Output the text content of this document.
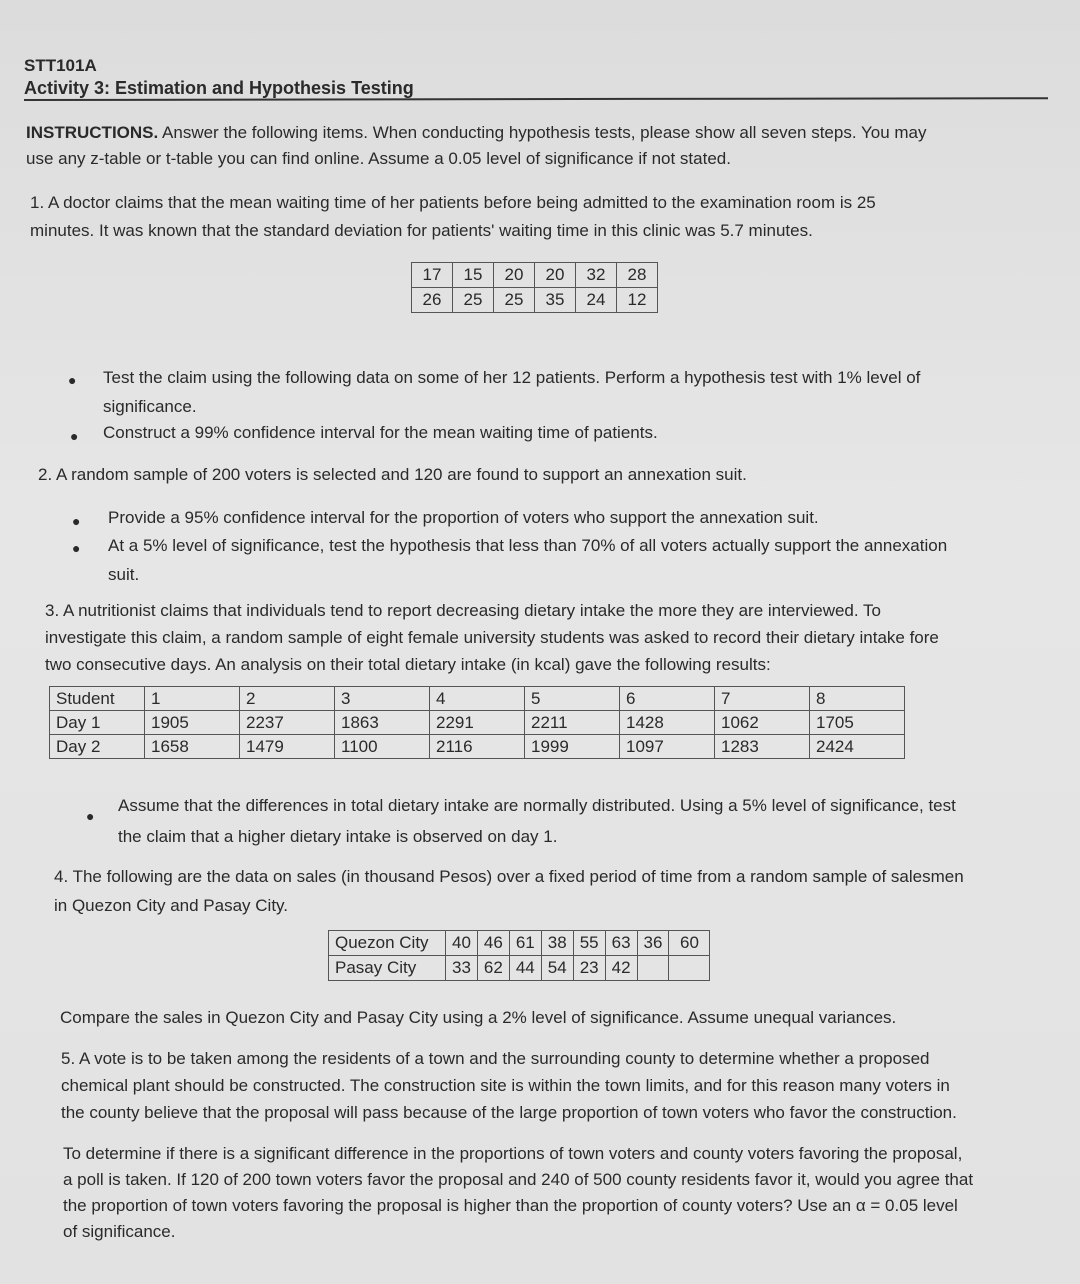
STT101A

Activity 3: Estimation and Hypothesis Testing

INSTRUCTIONS. Answer the following items. When conducting hypothesis tests, please show all seven steps. You may

use any z-table or t-table you can find online. Assume a 0.05 level of significance if not stated.

1. A doctor claims that the mean waiting time of her patients before being admitted to the examination room is 25

minutes. It was known that the standard deviation for patients' waiting time in this clinic was 5.7 minutes.

17	15	20	20	32	28
26	25	25	35	24	12
● Test the claim using the following data on some of her 12 patients. Perform a hypothesis test with 1% level of

significance.

● Construct a 99% confidence interval for the mean waiting time of patients.

2. A random sample of 200 voters is selected and 120 are found to support an annexation suit.

● Provide a 95% confidence interval for the proportion of voters who support the annexation suit.

● At a 5% level of significance, test the hypothesis that less than 70% of all voters actually support the annexation

suit.

3. A nutritionist claims that individuals tend to report decreasing dietary intake the more they are interviewed. To

investigate this claim, a random sample of eight female university students was asked to record their dietary intake fore

two consecutive days. An analysis on their total dietary intake (in kcal) gave the following results:

Student	1	2	3	4	5	6	7	8
Day 1	1905	2237	1863	2291	2211	1428	1062	1705
Day 2	1658	1479	1100	2116	1999	1097	1283	2424
●

Assume that the differences in total dietary intake are normally distributed. Using a 5% level of significance, test

the claim that a higher dietary intake is observed on day 1.

4. The following are the data on sales (in thousand Pesos) over a fixed period of time from a random sample of salesmen

in Quezon City and Pasay City.

Quezon City	40	46	61	38	55	63	36	60
Pasay City	33	62	44	54	23	42		

Compare the sales in Quezon City and Pasay City using a 2% level of significance. Assume unequal variances.

5. A vote is to be taken among the residents of a town and the surrounding county to determine whether a proposed

chemical plant should be constructed. The construction site is within the town limits, and for this reason many voters in

the county believe that the proposal will pass because of the large proportion of town voters who favor the construction.

To determine if there is a significant difference in the proportions of town voters and county voters favoring the proposal,

a poll is taken. If 120 of 200 town voters favor the proposal and 240 of 500 county residents favor it, would you agree that

the proportion of town voters favoring the proposal is higher than the proportion of county voters? Use an α = 0.05 level

of significance.
